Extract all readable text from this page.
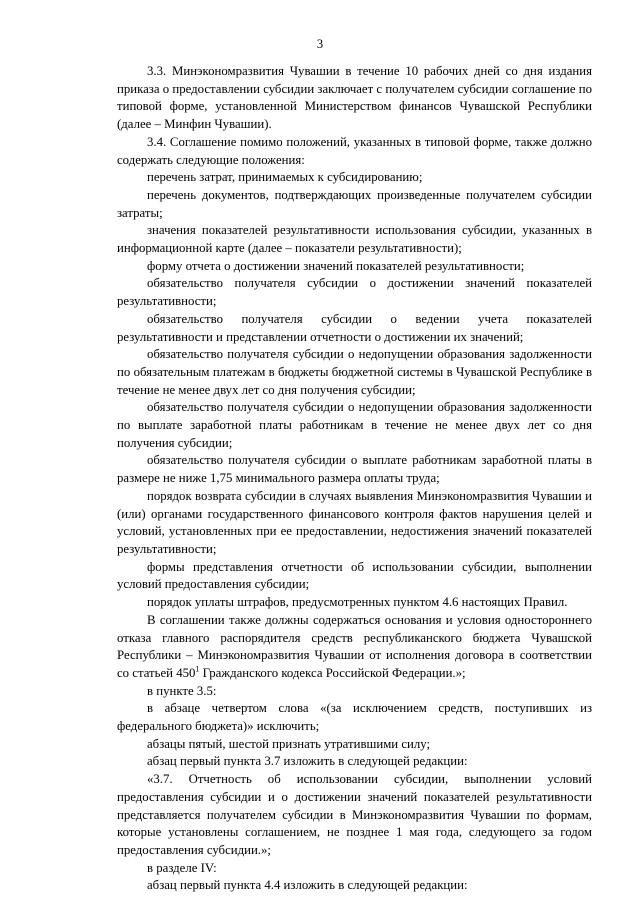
3

3.3. Минэкономразвития Чувашии в течение 10 рабочих дней со дня издания приказа о предоставлении субсидии заключает с получателем субсидии соглашение по типовой форме, установленной Министерством финансов Чувашской Республики (далее – Минфин Чувашии).

3.4. Соглашение помимо положений, указанных в типовой форме, также должно содержать следующие положения:

перечень затрат, принимаемых к субсидированию;

перечень документов, подтверждающих произведенные получателем субсидии затраты;

значения показателей результативности использования субсидии, указанных в информационной карте (далее – показатели результативности);

форму отчета о достижении значений показателей результативности;

обязательство получателя субсидии о достижении значений показателей результативности;

обязательство получателя субсидии о ведении учета показателей результативности и представлении отчетности о достижении их значений;

обязательство получателя субсидии о недопущении образования задолженности по обязательным платежам в бюджеты бюджетной системы в Чувашской Республике в течение не менее двух лет со дня получения субсидии;

обязательство получателя субсидии о недопущении образования задолженности по выплате заработной платы работникам в течение не менее двух лет со дня получения субсидии;

обязательство получателя субсидии о выплате работникам заработной платы в размере не ниже 1,75 минимального размера оплаты труда;

порядок возврата субсидии в случаях выявления Минэкономразвития Чувашии и (или) органами государственного финансового контроля фактов нарушения целей и условий, установленных при ее предоставлении, недостижения значений показателей результативности;

формы представления отчетности об использовании субсидии, выполнении условий предоставления субсидии;

порядок уплаты штрафов, предусмотренных пунктом 4.6 настоящих Правил.

В соглашении также должны содержаться основания и условия одностороннего отказа главного распорядителя средств республиканского бюджета Чувашской Республики – Минэкономразвития Чувашии от исполнения договора в соответствии со статьей $450^1$ Гражданского кодекса Российской Федерации.»;

в пункте 3.5:

в абзаце четвертом слова «(за исключением средств, поступивших из федерального бюджета)» исключить;

абзацы пятый, шестой признать утратившими силу;

абзац первый пункта 3.7 изложить в следующей редакции:

«3.7. Отчетность об использовании субсидии, выполнении условий предоставления субсидии и о достижении значений показателей результативности представляется получателем субсидии в Минэкономразвития Чувашии по формам, которые установлены соглашением, не позднее 1 мая года, следующего за годом предоставления субсидии.»;

в разделе IV:

абзац первый пункта 4.4 изложить в следующей редакции:
